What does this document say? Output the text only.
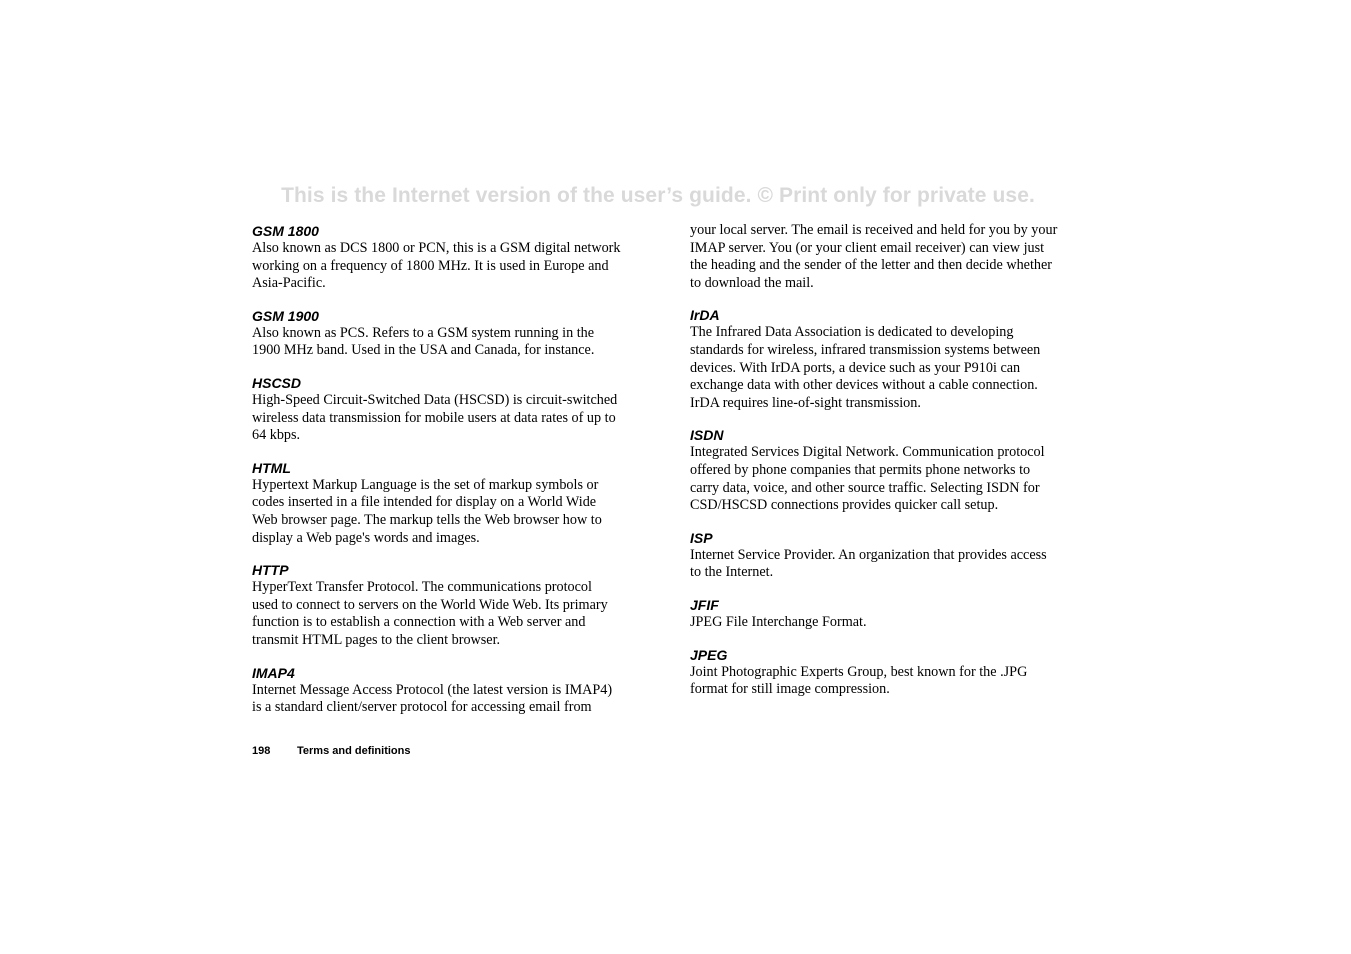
This is the Internet version of the user’s guide. © Print only for private use.

GSM 1800

Also known as DCS 1800 or PCN, this is a GSM digital network
working on a frequency of 1800 MHz. It is used in Europe and
Asia-Pacific.

GSM 1900

Also known as PCS. Refers to a GSM system running in the
1900 MHz band. Used in the USA and Canada, for instance.

HSCSD

High-Speed Circuit-Switched Data (HSCSD) is circuit-switched
wireless data transmission for mobile users at data rates of up to
64 kbps.

HTML

Hypertext Markup Language is the set of markup symbols or
codes inserted in a file intended for display on a World Wide
Web browser page. The markup tells the Web browser how to
display a Web page's words and images.

HTTP

HyperText Transfer Protocol. The communications protocol
used to connect to servers on the World Wide Web. Its primary
function is to establish a connection with a Web server and
transmit HTML pages to the client browser.

IMAP4

Internet Message Access Protocol (the latest version is IMAP4)
is a standard client/server protocol for accessing email from

your local server. The email is received and held for you by your
IMAP server. You (or your client email receiver) can view just
the heading and the sender of the letter and then decide whether
to download the mail.

IrDA

The Infrared Data Association is dedicated to developing
standards for wireless, infrared transmission systems between
devices. With IrDA ports, a device such as your P910i can
exchange data with other devices without a cable connection.
IrDA requires line-of-sight transmission.

ISDN

Integrated Services Digital Network. Communication protocol
offered by phone companies that permits phone networks to
carry data, voice, and other source traffic. Selecting ISDN for
CSD/HSCSD connections provides quicker call setup.

ISP

Internet Service Provider. An organization that provides access
to the Internet.

JFIF

JPEG File Interchange Format.

JPEG

Joint Photographic Experts Group, best known for the .JPG
format for still image compression.

198 Terms and definitions
